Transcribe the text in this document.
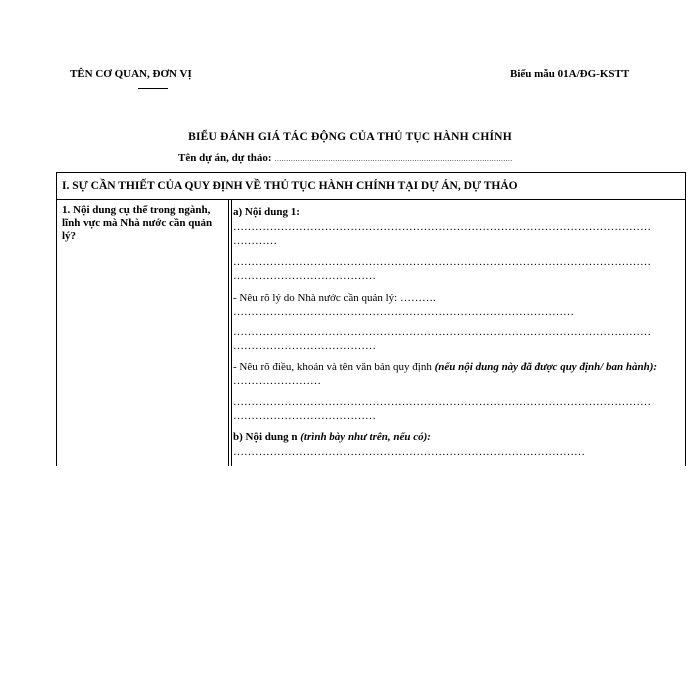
TÊN CƠ QUAN, ĐƠN VỊ	Biểu mẫu 01A/ĐG-KSTT
BIỂU ĐÁNH GIÁ TÁC ĐỘNG CỦA THỦ TỤC HÀNH CHÍNH
Tên dự án, dự thảo: …………………………………………………………………………………………
I. SỰ CẦN THIẾT CỦA QUY ĐỊNH VỀ THỦ TỤC HÀNH CHÍNH TẠI DỰ ÁN, DỰ THẢO
1. Nội dung cụ thể trong ngành, lĩnh vực mà Nhà nước cần quản lý?
a) Nội dung 1:
……………………………………………………………………………………………………
…………
……………………………………………………………………………………………………
…………………………………
- Nêu rõ lý do Nhà nước cần quản lý: ……….
…………………………………………………………………………………
……………………………………………………………………………………………………
…………………………………
- Nêu rõ điều, khoản và tên văn bản quy định (nếu nội dung này đã được quy định/ ban hành):
……………………
……………………………………………………………………………………………………
…………………………………
b) Nội dung n (trình bày như trên, nếu có):
……………………………………………………………………………………
